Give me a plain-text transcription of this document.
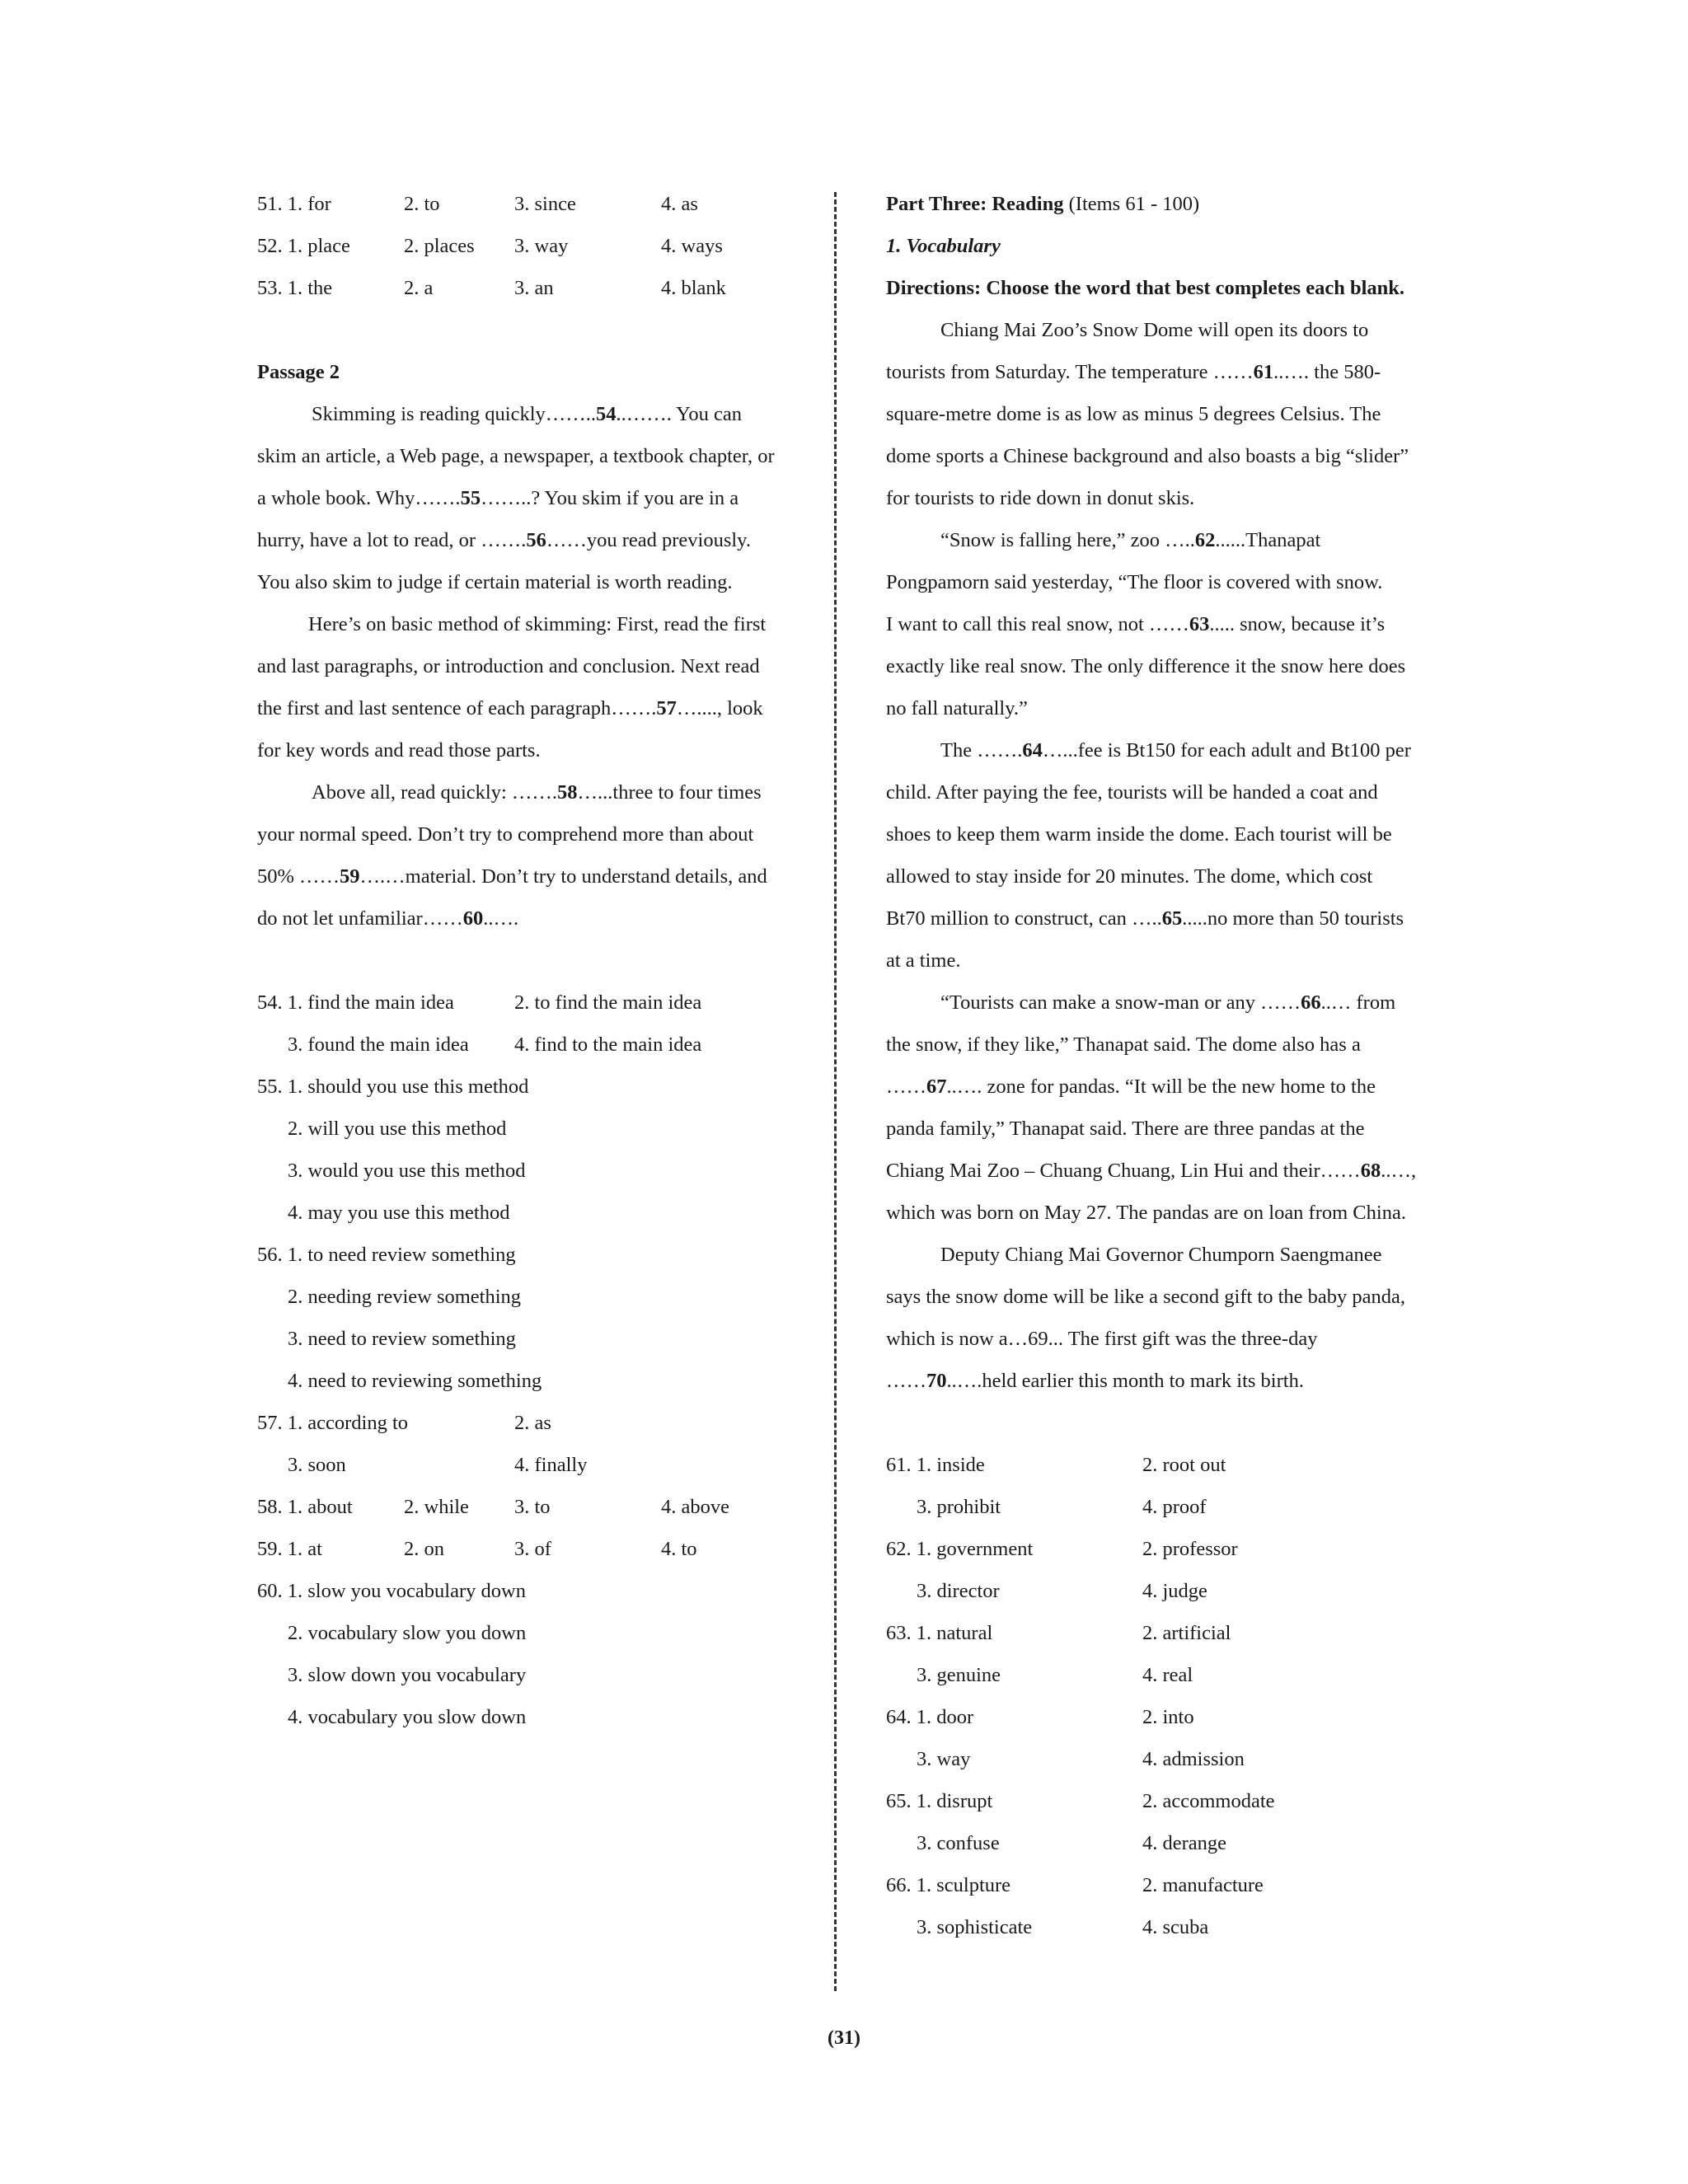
51. 1. for	2. to	3. since	4. as
52. 1. place	2. places 3. way	4. ways
53. 1. the	2. a	3. an	4. blank
Passage 2
Skimming is reading quickly……..54..……. You can
skim an article, a Web page, a newspaper, a textbook chapter, or
a whole book. Why…….55……..? You skim if you are in a
hurry, have a lot to read, or …….56……you read previously.
You also skim to judge if certain material is worth reading.
Here’s on basic method of skimming: First, read the first
and last paragraphs, or introduction and conclusion. Next read
the first and last sentence of each paragraph…….57…...., look
for key words and read those parts.
Above all, read quickly: …….58…...three to four times
your normal speed. Don’t try to comprehend more than about
50% ……59….…material. Don’t try to understand details, and
do not let unfamiliar……60..….
54. 1. find the main idea	2. to find the main idea
3. found the main idea 4. find to the main idea
55. 1. should you use this method
2. will you use this method
3. would you use this method
4. may you use this method
56. 1. to need review something
2. needing review something
3. need to review something
4. need to reviewing something
57. 1. according to	2. as
3. soon	4. finally
58. 1. about	2. while 3. to	4. above
59. 1. at	2. on	3. of	4. to
60. 1. slow you vocabulary down
2. vocabulary slow you down
3. slow down you vocabulary
4. vocabulary you slow down
Part Three: Reading (Items 61 - 100)
1. Vocabulary
Directions: Choose the word that best completes each blank.
Chiang Mai Zoo’s Snow Dome will open its doors to
tourists from Saturday. The temperature ……61..…. the 580-
square-metre dome is as low as minus 5 degrees Celsius. The
dome sports a Chinese background and also boasts a big “slider”
for tourists to ride down in donut skis.
“Snow is falling here,” zoo …..62......Thanapat
Pongpamorn said yesterday, “The floor is covered with snow.
I want to call this real snow, not ……63..... snow, because it’s
exactly like real snow. The only difference it the snow here does
no fall naturally.”
The …….64…...fee is Bt150 for each adult and Bt100 per
child. After paying the fee, tourists will be handed a coat and
shoes to keep them warm inside the dome. Each tourist will be
allowed to stay inside for 20 minutes. The dome, which cost
Bt70 million to construct, can …..65.....no more than 50 tourists
at a time.
“Tourists can make a snow-man or any ……66..… from
the snow, if they like,” Thanapat said. The dome also has a
……67..…. zone for pandas. “It will be the new home to the
panda family,” Thanapat said. There are three pandas at the
Chiang Mai Zoo – Chuang Chuang, Lin Hui and their……68..…,
which was born on May 27. The pandas are on loan from China.
Deputy Chiang Mai Governor Chumporn Saengmanee
says the snow dome will be like a second gift to the baby panda,
which is now a…69... The first gift was the three-day
……70..….held earlier this month to mark its birth.
61. 1. inside	2. root out
3. prohibit	4. proof
62. 1. government	2. professor
3. director	4. judge
63. 1. natural	2. artificial
3. genuine	4. real
64. 1. door	2. into
3. way	4. admission
65. 1. disrupt	2. accommodate
3. confuse	4. derange
66. 1. sculpture	2. manufacture
3. sophisticate	4. scuba
(31)
